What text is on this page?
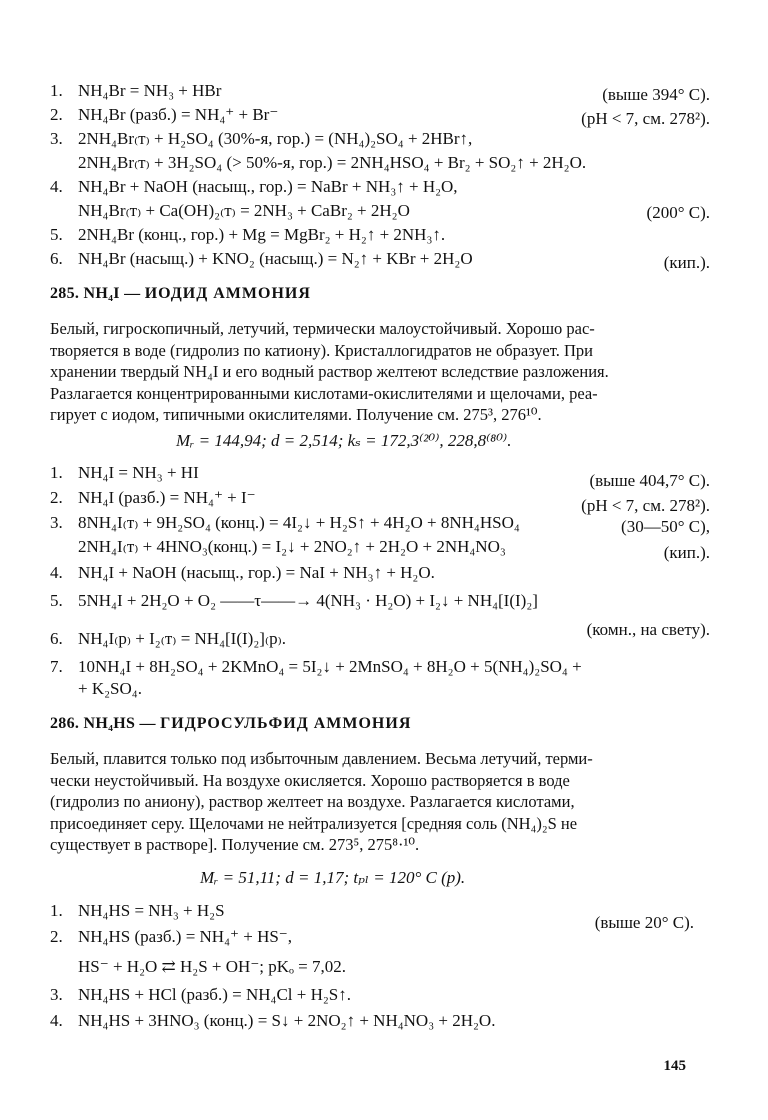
1. NH₄Br = NH₃ + HBr	(выше 394° С).
2. NH₄Br (разб.) = NH₄⁺ + Br⁻	(pH < 7, см. 278²).
3. 2NH₄Br₍т₎ + H₂SO₄ (30%-я, гор.) = (NH₄)₂SO₄ + 2HBr↑,
2NH₄Br₍т₎ + 3H₂SO₄ (> 50%-я, гор.) = 2NH₄HSO₄ + Br₂ + SO₂↑ + 2H₂O.
4. NH₄Br + NaOH (насыщ., гор.) = NaBr + NH₃↑ + H₂O,
NH₄Br₍т₎ + Ca(OH)₂₍т₎ = 2NH₃ + CaBr₂ + 2H₂O	(200° С).
5. 2NH₄Br (конц., гор.) + Mg = MgBr₂ + H₂↑ + 2NH₃↑.
6. NH₄Br (насыщ.) + KNO₂ (насыщ.) = N₂↑ + KBr + 2H₂O	(кип.).
285. NH₄I — ИОДИД АММОНИЯ
Белый, гигроскопичный, летучий, термически малоустойчивый. Хорошо рас-
творяется в воде (гидролиз по катиону). Кристаллогидратов не образует. При
хранении твердый NH₄I и его водный раствор желтеют вследствие разложения.
Разлагается концентрированными кислотами-окислителями и щелочами, реа-
гирует с иодом, типичными окислителями. Получение см. 275³, 276¹⁰.
Mᵣ = 144,94; d = 2,514; kₛ = 172,3⁽²⁰⁾, 228,8⁽⁸⁰⁾.
1. NH₄I = NH₃ + HI	(выше 404,7° С).
2. NH₄I (разб.) = NH₄⁺ + I⁻	(pH < 7, см. 278²).
3. 8NH₄I₍т₎ + 9H₂SO₄ (конц.) = 4I₂↓ + H₂S↑ + 4H₂O + 8NH₄HSO₄	(30—50° С),
2NH₄I₍т₎ + 4HNO₃(конц.) = I₂↓ + 2NO₂↑ + 2H₂O + 2NH₄NO₃	(кип.).
4. NH₄I + NaOH (насыщ., гор.) = NaI + NH₃↑ + H₂O.
5. 5NH₄I + 2H₂O + O₂ ——τ——→ 4(NH₃ · H₂O) + I₂↓ + NH₄[I(I)₂]
(комн., на свету).
6. NH₄I₍р₎ + I₂₍т₎ = NH₄[I(I)₂]₍р₎.
7. 10NH₄I + 8H₂SO₄ + 2KMnO₄ = 5I₂↓ + 2MnSO₄ + 8H₂O + 5(NH₄)₂SO₄ +
+ K₂SO₄.
286. NH₄HS — ГИДРОСУЛЬФИД АММОНИЯ
Белый, плавится только под избыточным давлением. Весьма летучий, терми-
чески неустойчивый. На воздухе окисляется. Хорошо растворяется в воде
(гидролиз по аниону), раствор желтеет на воздухе. Разлагается кислотами,
присоединяет серу. Щелочами не нейтрализуется [средняя соль (NH₄)₂S не
существует в растворе]. Получение см. 273⁵, 275⁸·¹⁰.
Mᵣ = 51,11; d = 1,17; tₚₗ = 120° С (р).
1. NH₄HS = NH₃ + H₂S
(выше 20° С).
2. NH₄HS (разб.) = NH₄⁺ + HS⁻,
HS⁻ + H₂O ⇄ H₂S + OH⁻; pKₒ = 7,02.
3. NH₄HS + HCl (разб.) = NH₄Cl + H₂S↑.
4. NH₄HS + 3HNO₃ (конц.) = S↓ + 2NO₂↑ + NH₄NO₃ + 2H₂O.
145
